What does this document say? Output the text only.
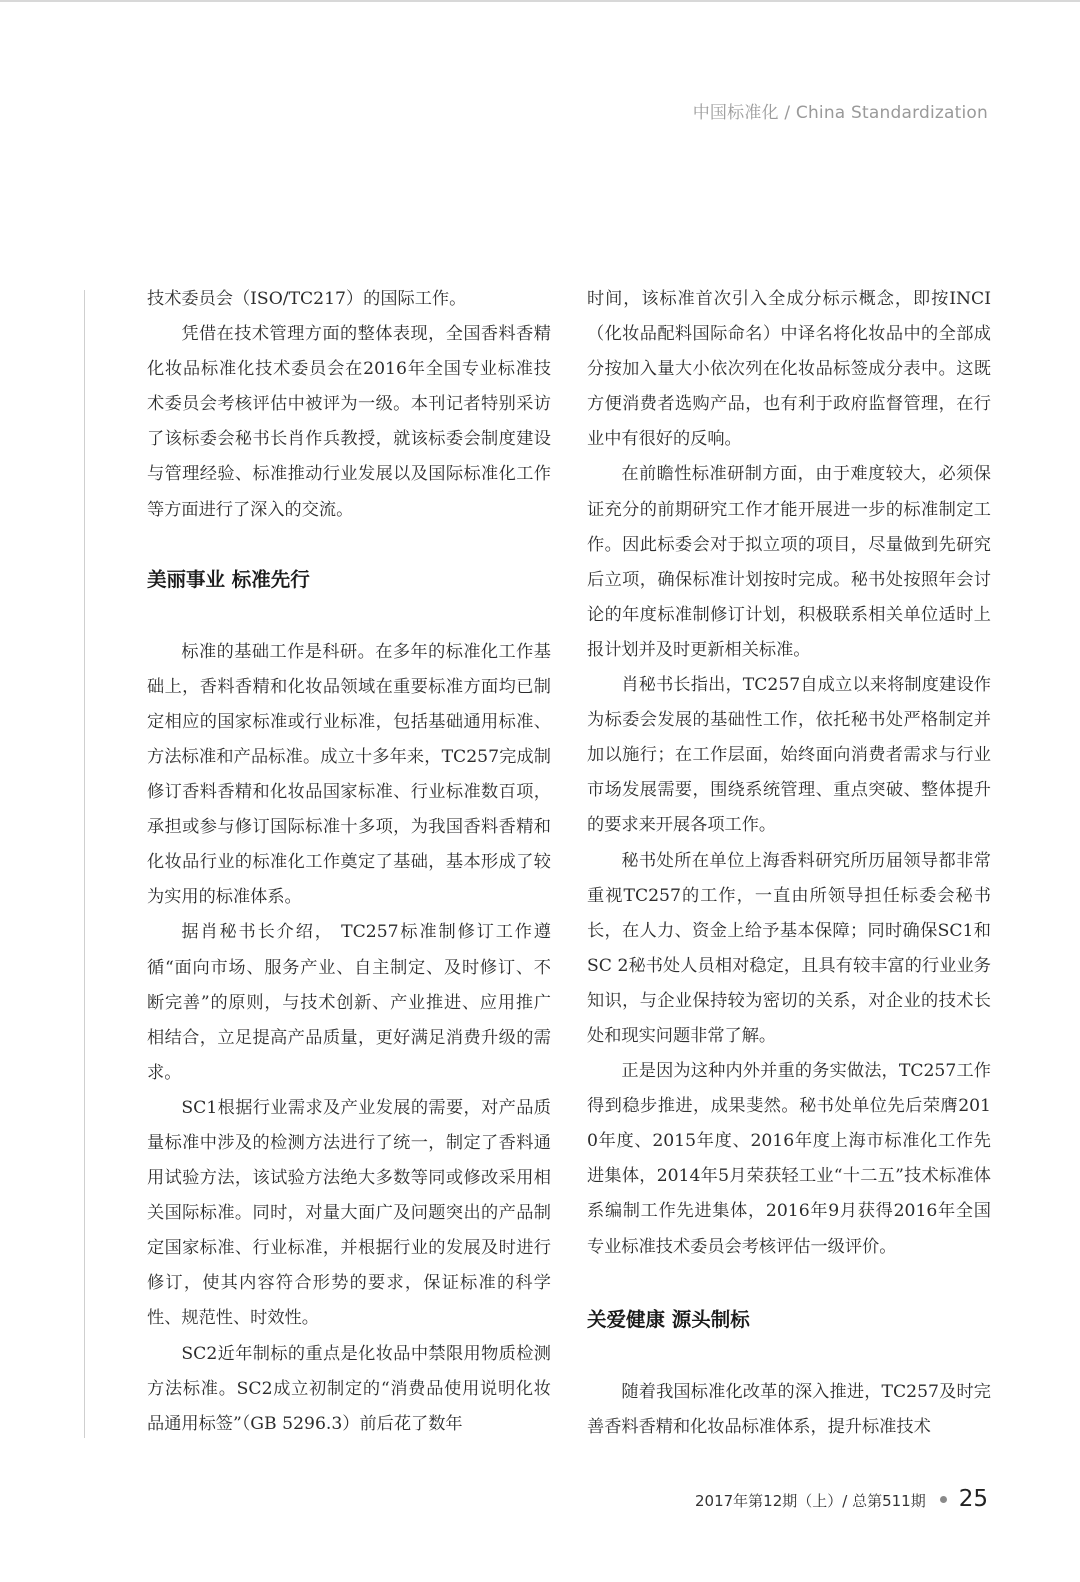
中国标准化 / China Standardization

技术委员会（ISO/TC217）的国际工作。

凭借在技术管理方面的整体表现，全国香料香精化妆品标准化技术委员会在2016年全国专业标准技术委员会考核评估中被评为一级。本刊记者特别采访了该标委会秘书长肖作兵教授，就该标委会制度建设与管理经验、标准推动行业发展以及国际标准化工作等方面进行了深入的交流。

美丽事业 标准先行

标准的基础工作是科研。在多年的标准化工作基础上，香料香精和化妆品领域在重要标准方面均已制定相应的国家标准或行业标准，包括基础通用标准、方法标准和产品标准。成立十多年来，TC257完成制修订香料香精和化妆品国家标准、行业标准数百项，承担或参与修订国际标准十多项，为我国香料香精和化妆品行业的标准化工作奠定了基础，基本形成了较为实用的标准体系。

据肖秘书长介绍， TC257标准制修订工作遵循“面向市场、服务产业、自主制定、及时修订、不断完善”的原则，与技术创新、产业推进、应用推广相结合，立足提高产品质量，更好满足消费升级的需求。

SC1根据行业需求及产业发展的需要，对产品质量标准中涉及的检测方法进行了统一，制定了香料通用试验方法，该试验方法绝大多数等同或修改采用相关国际标准。同时，对量大面广及问题突出的产品制定国家标准、行业标准，并根据行业的发展及时进行修订，使其内容符合形势的要求，保证标准的科学性、规范性、时效性。

SC2近年制标的重点是化妆品中禁限用物质检测方法标准。SC2成立初制定的“消费品使用说明化妆品通用标签”（GB 5296.3）前后花了数年

时间，该标准首次引入全成分标示概念，即按INCI（化妆品配料国际命名）中译名将化妆品中的全部成分按加入量大小依次列在化妆品标签成分表中。这既方便消费者选购产品，也有利于政府监督管理，在行业中有很好的反响。

在前瞻性标准研制方面，由于难度较大，必须保证充分的前期研究工作才能开展进一步的标准制定工作。因此标委会对于拟立项的项目，尽量做到先研究后立项，确保标准计划按时完成。秘书处按照年会讨论的年度标准制修订计划，积极联系相关单位适时上报计划并及时更新相关标准。

肖秘书长指出，TC257自成立以来将制度建设作为标委会发展的基础性工作，依托秘书处严格制定并加以施行；在工作层面，始终面向消费者需求与行业市场发展需要，围绕系统管理、重点突破、整体提升的要求来开展各项工作。

秘书处所在单位上海香料研究所历届领导都非常重视TC257的工作，一直由所领导担任标委会秘书长，在人力、资金上给予基本保障；同时确保SC1和SC 2秘书处人员相对稳定，且具有较丰富的行业业务知识，与企业保持较为密切的关系，对企业的技术长处和现实问题非常了解。

正是因为这种内外并重的务实做法，TC257工作得到稳步推进，成果斐然。秘书处单位先后荣膺2010年度、2015年度、2016年度上海市标准化工作先进集体，2014年5月荣获轻工业“十二五”技术标准体系编制工作先进集体，2016年9月获得2016年全国专业标准技术委员会考核评估一级评价。

关爱健康 源头制标

随着我国标准化改革的深入推进，TC257及时完善香料香精和化妆品标准体系，提升标准技术

2017年第12期（上）/ 总第511期 25
